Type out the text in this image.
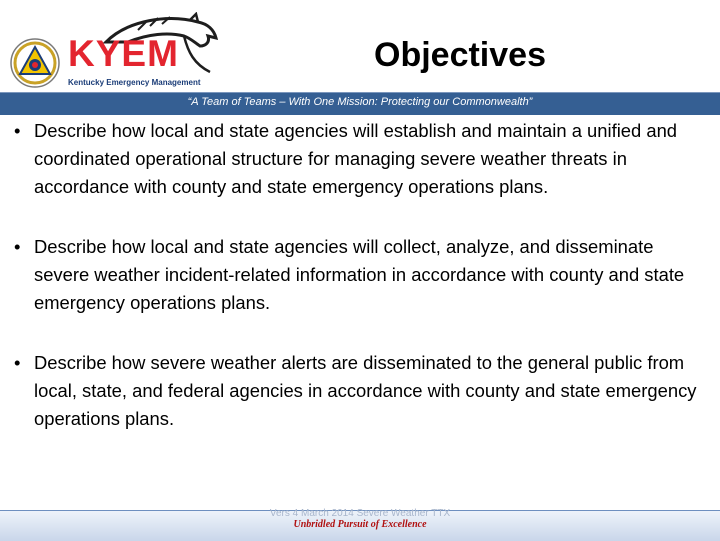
KYEM
Kentucky Emergency Management
Objectives
“A Team of Teams – With One Mission: Protecting our Commonwealth”
• Describe how local and state agencies will establish and maintain a unified and coordinated operational structure for managing severe weather threats in accordance with county and state emergency operations plans.
• Describe how local and state agencies will collect, analyze, and disseminate severe weather incident-related information in accordance with county and state emergency operations plans.
• Describe how severe weather alerts are disseminated to the general public from local, state, and federal agencies in accordance with county and state emergency operations plans.
Vers 4 March 2014 Severe Weather TTX
Unbridled Pursuit of Excellence
